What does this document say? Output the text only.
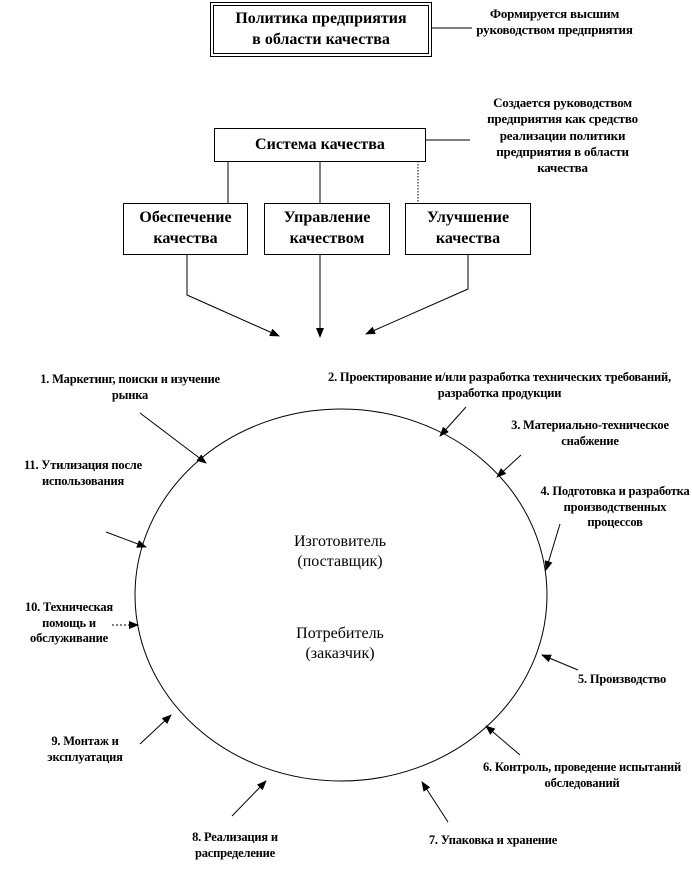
Политика предприятия в области качества
Формируется высшим руководством предприятия
Система качества
Создается руководством предприятия как средство реализации политики предприятия в области качества
Обеспечение качества
Управление качеством
Улучшение качества
Изготовитель (поставщик)
Потребитель (заказчик)
1. Маркетинг, поиски и изучение рынка
2. Проектирование и/или разработка технических требований, разработка продукции
3. Материально-техническое снабжение
4. Подготовка и разработка производственных процессов
5. Производство
6. Контроль, проведение испытаний обследований
7. Упаковка и хранение
8. Реализация и распределение
9. Монтаж и эксплуатация
10. Техническая помощь и обслуживание
11. Утилизация после использования
